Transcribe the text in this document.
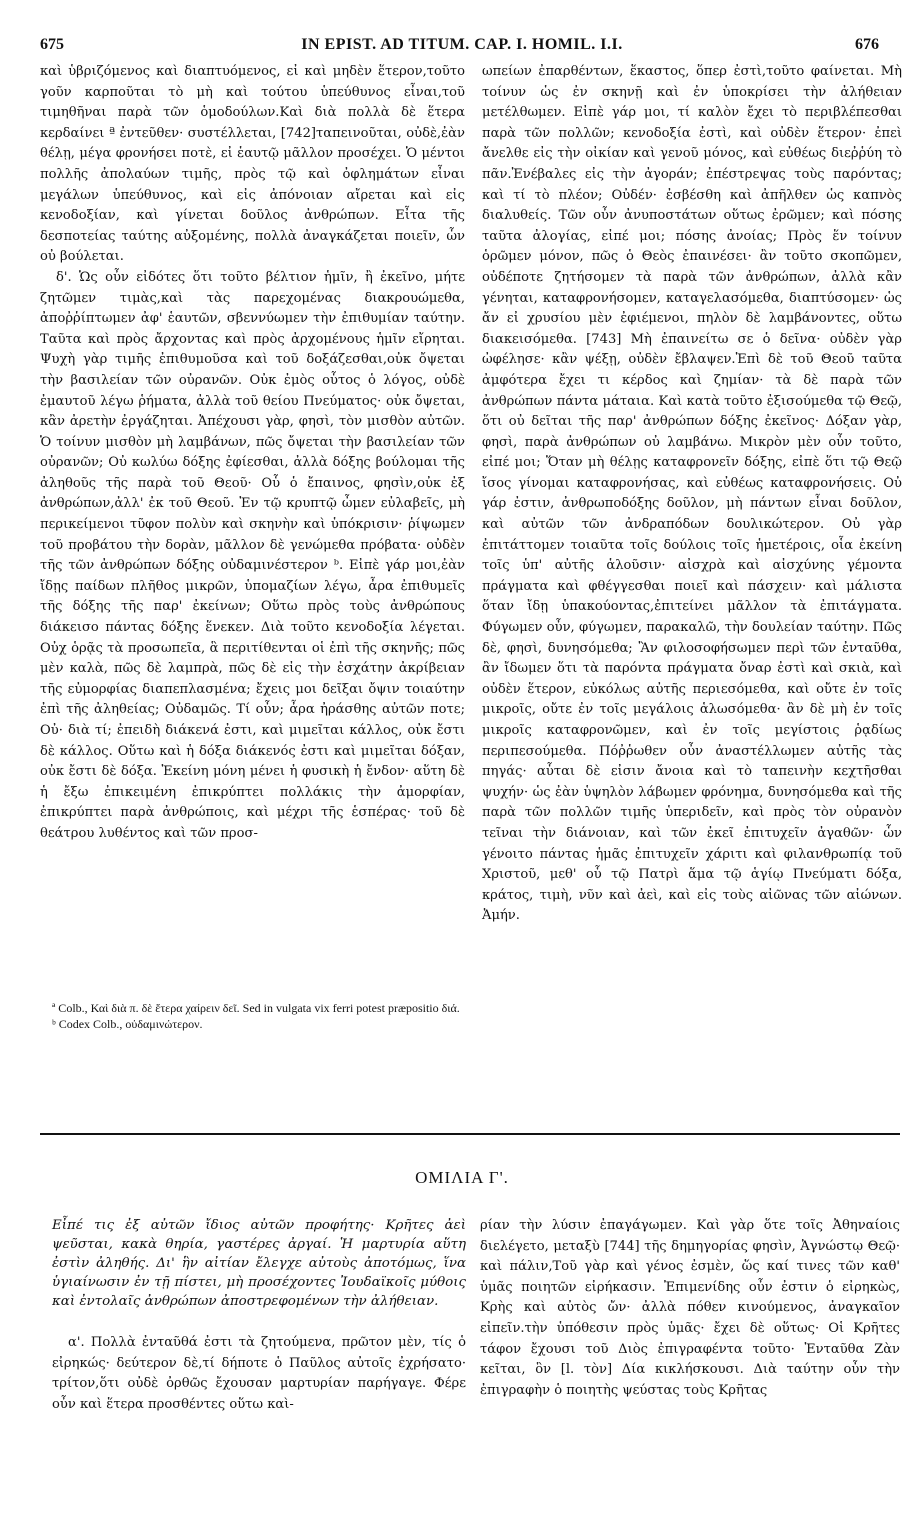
675	IN EPIST. AD TITUM. CAP. I. HOMIL. I.I.	676

καὶ ὑβριζόμενος καὶ διαπτυόμενος, εἰ καὶ μηδὲν ἕτερον,τοῦτο γοῦν καρποῦται τὸ μὴ καὶ τούτου ὑπεύθυνος εἶναι,τοῦ τιμηθῆναι παρὰ τῶν ὁμοδούλων.Καὶ διὰ πολλὰ δὲ ἕτερα κερδαίνει ª ἐντεῦθεν· συστέλλεται, [742]ταπεινοῦται, οὐδὲ,ἐὰν θέλῃ, μέγα φρονήσει ποτὲ, εἰ ἑαυτῷ μᾶλλον προσέχει. Ὁ μέντοι πολλῆς ἀπολαύων τιμῆς, πρὸς τῷ καὶ ὀφλημάτων εἶναι μεγάλων ὑπεύθυνος, καὶ εἰς ἀπόνοιαν αἴρεται καὶ εἰς κενοδοξίαν, καὶ γίνεται δοῦλος ἀνθρώπων. Εἶτα τῆς δεσποτείας ταύτης αὐξομένης, πολλὰ ἀναγκάζεται ποιεῖν, ὧν οὐ βούλεται.

δ'. Ὡς οὖν εἰδότες ὅτι τοῦτο βέλτιον ἡμῖν, ἢ ἐκεῖνο, μήτε ζητῶμεν τιμὰς,καὶ τὰς παρεχομένας διακρουώμεθα, ἀποῤῥίπτωμεν ἀφ' ἑαυτῶν, σβεννύωμεν τὴν ἐπιθυμίαν ταύτην. Ταῦτα καὶ πρὸς ἄρχοντας καὶ πρὸς ἀρχομένους ἡμῖν εἴρηται. Ψυχὴ γὰρ τιμῆς ἐπιθυμοῦσα καὶ τοῦ δοξάζεσθαι,οὐκ ὄψεται τὴν βασιλείαν τῶν οὐρανῶν. Οὐκ ἐμὸς οὗτος ὁ λόγος, οὐδὲ ἐμαυτοῦ λέγω ῥήματα, ἀλλὰ τοῦ θείου Πνεύματος· οὐκ ὄψεται, κἂν ἀρετὴν ἐργάζηται. Ἀπέχουσι γὰρ, φησὶ, τὸν μισθὸν αὐτῶν. Ὁ τοίνυν μισθὸν μὴ λαμβάνων, πῶς ὄψεται τὴν βασιλείαν τῶν οὐρανῶν; Οὐ κωλύω δόξης ἐφίεσθαι, ἀλλὰ δόξης βούλομαι τῆς ἀληθοῦς τῆς παρὰ τοῦ Θεοῦ· Οὗ ὁ ἔπαινος, φησὶν,οὐκ ἐξ ἀνθρώπων,ἀλλ' ἐκ τοῦ Θεοῦ. Ἐν τῷ κρυπτῷ ὦμεν εὐλαβεῖς, μὴ περικείμενοι τῦφον πολὺν καὶ σκηνὴν καὶ ὑπόκρισιν· ῥίψωμεν τοῦ προβάτου τὴν δορὰν, μᾶλλον δὲ γενώμεθα πρόβατα· οὐδὲν τῆς τῶν ἀνθρώπων δόξης οὐδαμινέστερον ᵇ. Εἰπὲ γάρ μοι,ἐὰν ἴδῃς παίδων πλῆθος μικρῶν, ὑπομαζίων λέγω, ἆρα ἐπιθυμεῖς τῆς δόξης τῆς παρ' ἐκείνων; Οὕτω πρὸς τοὺς ἀνθρώπους διάκεισο πάντας δόξης ἕνεκεν. Διὰ τοῦτο κενοδοξία λέγεται. Οὐχ ὁρᾷς τὰ προσωπεῖα, ἃ περιτίθενται οἱ ἐπὶ τῆς σκηνῆς; πῶς μὲν καλὰ, πῶς δὲ λαμπρὰ, πῶς δὲ εἰς τὴν ἐσχάτην ἀκρίβειαν τῆς εὐμορφίας διαπεπλασμένα; ἔχεις μοι δεῖξαι ὄψιν τοιαύτην ἐπὶ τῆς ἀληθείας; Οὐδαμῶς. Τί οὖν; ἆρα ἠράσθης αὐτῶν ποτε; Οὐ· διὰ τί; ἐπειδὴ διάκενά ἐστι, καὶ μιμεῖται κάλλος, οὐκ ἔστι δὲ κάλλος. Οὕτω καὶ ἡ δόξα διάκενός ἐστι καὶ μιμεῖται δόξαν, οὐκ ἔστι δὲ δόξα. Ἐκείνη μόνη μένει ἡ φυσικὴ ἡ ἔνδον· αὕτη δὲ ἡ ἔξω ἐπικειμένη ἐπικρύπτει πολλάκις τὴν ἀμορφίαν, ἐπικρύπτει παρὰ ἀνθρώποις, καὶ μέχρι τῆς ἑσπέρας· τοῦ δὲ θεάτρου λυθέντος καὶ τῶν προσ-

ª Colb., Καὶ διὰ π. δὲ ἕτερα χαίρειν δεῖ. Sed in vulgata vix ferri potest præpositio διά.

ᵇ Codex Colb., οὐδαμινώτερον.

ωπείων ἐπαρθέντων, ἕκαστος, ὅπερ ἐστὶ,τοῦτο φαίνεται. Μὴ τοίνυν ὡς ἐν σκηνῇ καὶ ἐν ὑποκρίσει τὴν ἀλήθειαν μετέλθωμεν. Εἰπὲ γάρ μοι, τί καλὸν ἔχει τὸ περιβλέπεσθαι παρὰ τῶν πολλῶν; κενοδοξία ἐστὶ, καὶ οὐδὲν ἕτερον· ἐπεὶ ἄνελθε εἰς τὴν οἰκίαν καὶ γενοῦ μόνος, καὶ εὐθέως διεῤῥύη τὸ πᾶν.Ἐνέβαλες εἰς τὴν ἀγοράν; ἐπέστρεψας τοὺς παρόντας; καὶ τί τὸ πλέον; Οὐδέν· ἐσβέσθη καὶ ἀπῆλθεν ὡς καπνὸς διαλυθείς. Τῶν οὖν ἀνυποστάτων οὕτως ἐρῶμεν; καὶ πόσης ταῦτα ἀλογίας, εἰπέ μοι; πόσης ἀνοίας; Πρὸς ἕν τοίνυν ὁρῶμεν μόνον, πῶς ὁ Θεὸς ἐπαινέσει· ἂν τοῦτο σκοπῶμεν, οὐδέποτε ζητήσομεν τὰ παρὰ τῶν ἀνθρώπων, ἀλλὰ κἂν γένηται, καταφρονήσομεν, καταγελασόμεθα, διαπτύσομεν· ὡς ἄν εἰ χρυσίου μὲν ἐφιέμενοι, πηλὸν δὲ λαμβάνοντες, οὕτω διακεισόμεθα. [743] Μὴ ἐπαινείτω σε ὁ δεῖνα· οὐδὲν γὰρ ὠφέλησε· κἂν ψέξῃ, οὐδὲν ἔβλαψεν.Ἐπὶ δὲ τοῦ Θεοῦ ταῦτα ἀμφότερα ἔχει τι κέρδος καὶ ζημίαν· τὰ δὲ παρὰ τῶν ἀνθρώπων πάντα μάταια. Καὶ κατὰ τοῦτο ἐξισούμεθα τῷ Θεῷ, ὅτι οὐ δεῖται τῆς παρ' ἀνθρώπων δόξης ἐκεῖνος· Δόξαν γὰρ, φησὶ, παρὰ ἀνθρώπων οὐ λαμβάνω. Μικρὸν μὲν οὖν τοῦτο, εἰπέ μοι; Ὅταν μὴ θέλῃς καταφρονεῖν δόξης, εἰπὲ ὅτι τῷ Θεῷ ἴσος γίνομαι καταφρονήσας, καὶ εὐθέως καταφρονήσεις. Οὐ γάρ ἐστιν, ἀνθρωποδόξης δοῦλον, μὴ πάντων εἶναι δοῦλον, καὶ αὐτῶν τῶν ἀνδραπόδων δουλικώτερον. Οὐ γὰρ ἐπιτάττομεν τοιαῦτα τοῖς δούλοις τοῖς ἡμετέροις, οἷα ἐκείνη τοῖς ὑπ' αὐτῆς ἁλοῦσιν· αἰσχρὰ καὶ αἰσχύνης γέμοντα πράγματα καὶ φθέγγεσθαι ποιεῖ καὶ πάσχειν· καὶ μάλιστα ὅταν ἴδῃ ὑπακούοντας,ἐπιτείνει μᾶλλον τὰ ἐπιτάγματα. Φύγωμεν οὖν, φύγωμεν, παρακαλῶ, τὴν δουλείαν ταύτην. Πῶς δὲ, φησὶ, δυνησόμεθα; Ἂν φιλοσοφήσωμεν περὶ τῶν ἐνταῦθα, ἂν ἴδωμεν ὅτι τὰ παρόντα πράγματα ὄναρ ἐστὶ καὶ σκιὰ, καὶ οὐδὲν ἕτερον, εὐκόλως αὐτῆς περιεσόμεθα, καὶ οὔτε ἐν τοῖς μικροῖς, οὔτε ἐν τοῖς μεγάλοις ἁλωσόμεθα· ἂν δὲ μὴ ἐν τοῖς μικροῖς καταφρονῶμεν, καὶ ἐν τοῖς μεγίστοις ῥᾳδίως περιπεσούμεθα. Πόῤῥωθεν οὖν ἀναστέλλωμεν αὐτῆς τὰς πηγάς· αὗται δὲ εἰσιν ἄνοια καὶ τὸ ταπεινὴν κεχτῆσθαι ψυχήν· ὡς ἐὰν ὑψηλὸν λάβωμεν φρόνημα, δυνησόμεθα καὶ τῆς παρὰ τῶν πολλῶν τιμῆς ὑπεριδεῖν, καὶ πρὸς τὸν οὐρανὸν τεῖναι τὴν διάνοιαν, καὶ τῶν ἐκεῖ ἐπιτυχεῖν ἀγαθῶν· ὧν γένοιτο πάντας ἡμᾶς ἐπιτυχεῖν χάριτι καὶ φιλανθρωπίᾳ τοῦ Χριστοῦ, μεθ' οὗ τῷ Πατρὶ ἅμα τῷ ἁγίῳ Πνεύματι δόξα, κράτος, τιμὴ, νῦν καὶ ἀεὶ, καὶ εἰς τοὺς αἰῶνας τῶν αἰώνων. Ἀμήν.

ΟΜΙΛΙΑ Γ'.

Εἶπέ τις ἐξ αὐτῶν ἴδιος αὐτῶν προφήτης· Κρῆτες ἀεὶ ψεῦσται, κακὰ θηρία, γαστέρες ἀργαί. Ἡ μαρτυρία αὕτη ἐστὶν ἀληθής. Δι' ἣν αἰτίαν ἔλεγχε αὐτοὺς ἀποτόμως, ἵνα ὑγιαίνωσιν ἐν τῇ πίστει, μὴ προσέχοντες Ἰουδαϊκοῖς μύθοις καὶ ἐντολαῖς ἀνθρώπων ἀποστρεφομένων τὴν ἀλήθειαν.

α'. Πολλὰ ἐνταῦθά ἐστι τὰ ζητούμενα, πρῶτον μὲν, τίς ὁ εἰρηκώς· δεύτερον δὲ,τί δήποτε ὁ Παῦλος αὐτοῖς ἐχρήσατο· τρίτον,ὅτι οὐδὲ ὀρθῶς ἔχουσαν μαρτυρίαν παρήγαγε. Φέρε οὖν καὶ ἕτερα προσθέντες οὕτω καὶ-

ρίαν τὴν λύσιν ἐπαγάγωμεν. Καὶ γὰρ ὅτε τοῖς Ἀθηναίοις διελέγετο, μεταξὺ [744] τῆς δημηγορίας φησὶν, Ἀγνώστῳ Θεῷ· καὶ πάλιν,Τοῦ γὰρ καὶ γένος ἐσμὲν, ὥς καί τινες τῶν καθ' ὑμᾶς ποιητῶν εἰρήκασιν. Ἐπιμενίδης οὖν ἐστιν ὁ εἰρηκὼς, Κρὴς καὶ αὐτὸς ὤν· ἀλλὰ πόθεν κινούμενος, ἀναγκαῖον εἰπεῖν.τὴν ὑπόθεσιν πρὸς ὑμᾶς· ἔχει δὲ οὕτως· Οἱ Κρῆτες τάφον ἔχουσι τοῦ Διὸς ἐπιγραφέντα τοῦτο· Ἐνταῦθα Ζὰν κεῖται, ὃν [l. τὸν] Δία κικλήσκουσι. Διὰ ταύτην οὖν τὴν ἐπιγραφὴν ὁ ποιητὴς ψεύστας τοὺς Κρῆτας
